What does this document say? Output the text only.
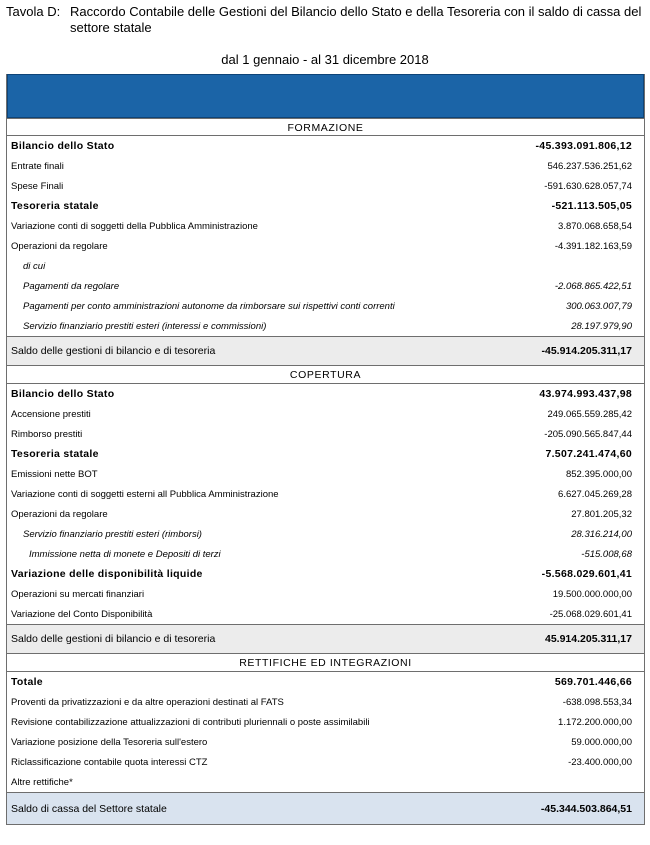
Tavola D: Raccordo Contabile delle Gestioni del Bilancio dello Stato e della Tesoreria con il saldo di cassa del settore statale
dal 1 gennaio - al 31 dicembre 2018
FORMAZIONE
Bilancio dello Stato	-45.393.091.806,12
Entrate finali	546.237.536.251,62
Spese Finali	-591.630.628.057,74
Tesoreria statale	-521.113.505,05
Variazione conti di soggetti della Pubblica Amministrazione	3.870.068.658,54
Operazioni da regolare	-4.391.182.163,59
di cui
Pagamenti da regolare	-2.068.865.422,51
Pagamenti per conto amministrazioni autonome da rimborsare sui rispettivi conti correnti	300.063.007,79
Servizio finanziario prestiti esteri (interessi e commissioni)	28.197.979,90
Saldo delle gestioni di bilancio e di tesoreria	-45.914.205.311,17
COPERTURA
Bilancio dello Stato	43.974.993.437,98
Accensione prestiti	249.065.559.285,42
Rimborso prestiti	-205.090.565.847,44
Tesoreria statale	7.507.241.474,60
Emissioni nette BOT	852.395.000,00
Variazione conti di soggetti esterni all Pubblica Amministrazione	6.627.045.269,28
Operazioni da regolare	27.801.205,32
Servizio finanziario prestiti esteri (rimborsi)	28.316.214,00
Immissione netta di monete e Depositi di terzi	-515.008,68
Variazione delle disponibilità liquide	-5.568.029.601,41
Operazioni su mercati finanziari	19.500.000.000,00
Variazione del Conto Disponibilità	-25.068.029.601,41
Saldo delle gestioni di bilancio e di tesoreria	45.914.205.311,17
RETTIFICHE ED INTEGRAZIONI
Totale	569.701.446,66
Proventi da privatizzazioni e da altre operazioni destinati al FATS	-638.098.553,34
Revisione contabilizzazione attualizzazioni di contributi pluriennali o poste assimilabili	1.172.200.000,00
Variazione posizione della Tesoreria sull'estero	59.000.000,00
Riclassificazione contabile quota interessi CTZ	-23.400.000,00
Altre rettifiche*
Saldo di cassa del Settore statale	-45.344.503.864,51
